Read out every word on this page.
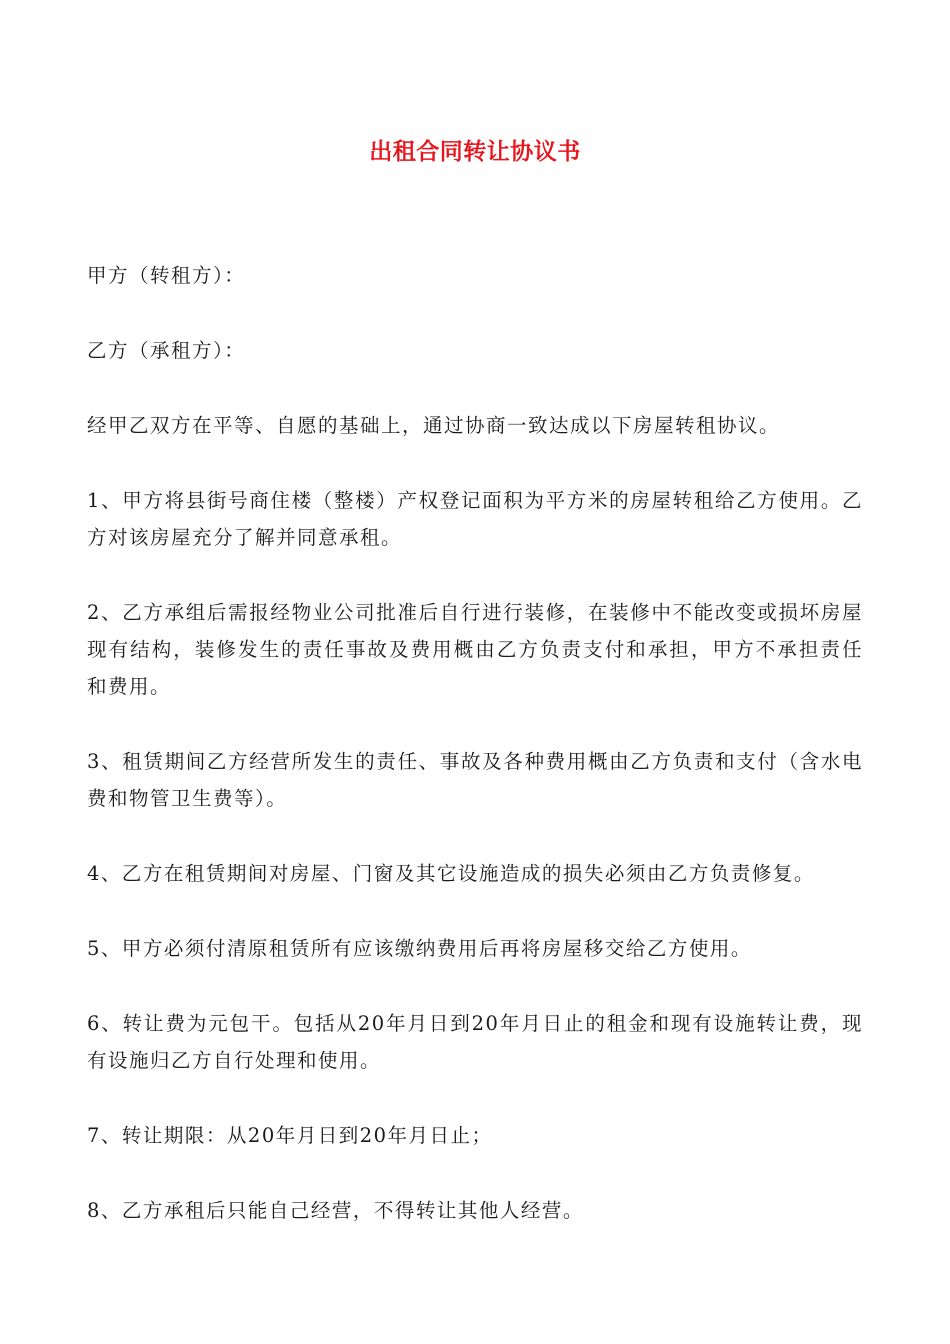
出租合同转让协议书

甲方（转租方）：

乙方（承租方）：

经甲乙双方在平等、自愿的基础上，通过协商一致达成以下房屋转租协议。

1、甲方将县街号商住楼（整楼）产权登记面积为平方米的房屋转租给乙方使用。乙方对该房屋充分了解并同意承租。

2、乙方承组后需报经物业公司批准后自行进行装修，在装修中不能改变或损坏房屋现有结构，装修发生的责任事故及费用概由乙方负责支付和承担，甲方不承担责任和费用。

3、租赁期间乙方经营所发生的责任、事故及各种费用概由乙方负责和支付（含水电费和物管卫生费等）。

4、乙方在租赁期间对房屋、门窗及其它设施造成的损失必须由乙方负责修复。

5、甲方必须付清原租赁所有应该缴纳费用后再将房屋移交给乙方使用。

6、转让费为元包干。包括从20年月日到20年月日止的租金和现有设施转让费，现有设施归乙方自行处理和使用。

7、转让期限：从20年月日到20年月日止；

8、乙方承租后只能自己经营，不得转让其他人经营。
